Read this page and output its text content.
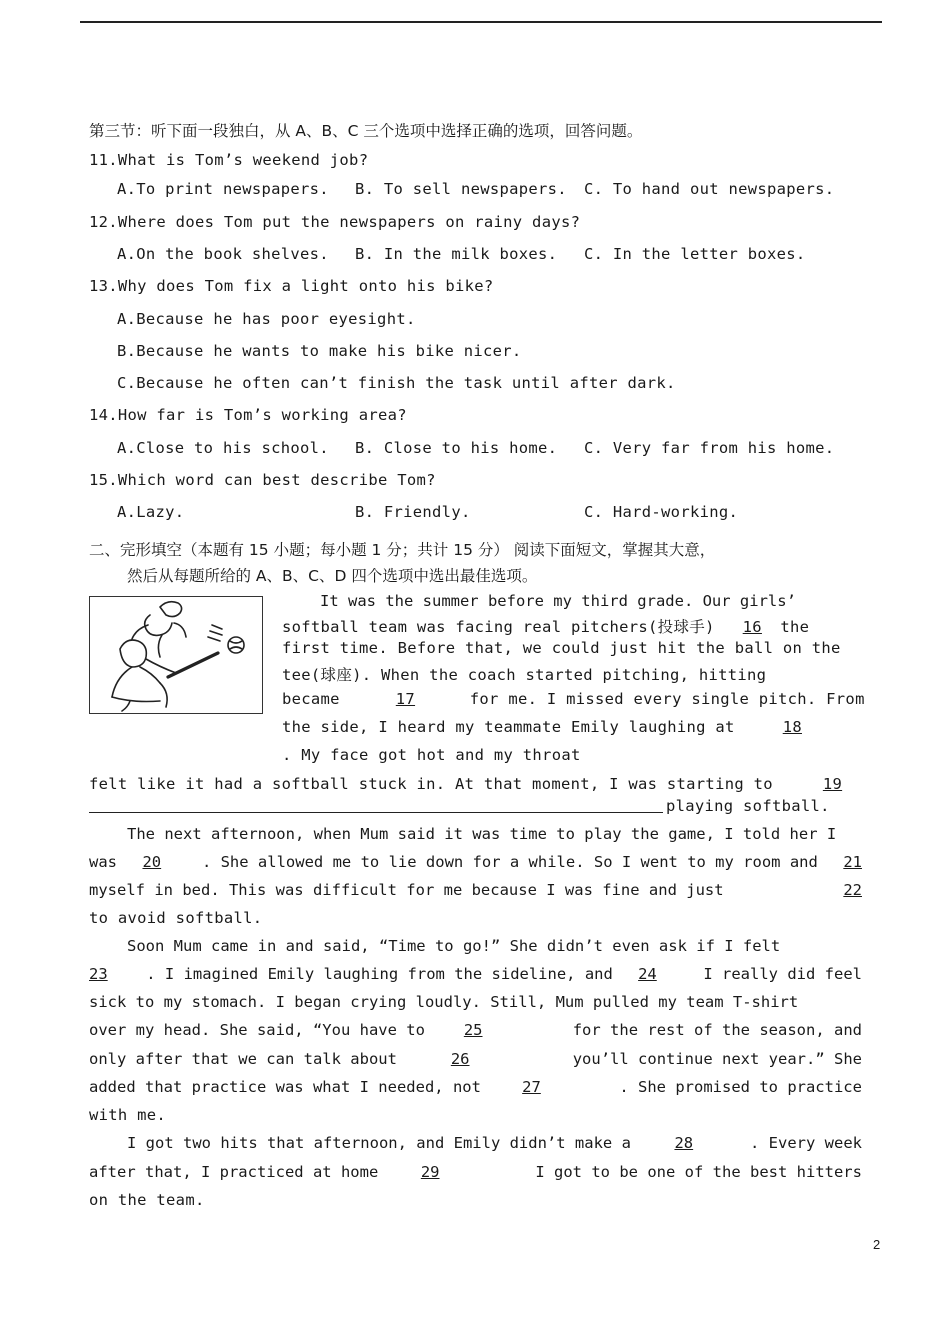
第三节：听下面一段独白，从 A、B、C 三个选项中选择正确的选项，回答问题。
11.What is Tom’s weekend job?
A.To print newspapers. B. To sell newspapers. C. To hand out newspapers.
12.Where does Tom put the newspapers on rainy days?
A.On the book shelves. B. In the milk boxes. C. In the letter boxes.
13.Why does Tom fix a light onto his bike?
A.Because he has poor eyesight.
B.Because he wants to make his bike nicer.
C.Because he often can’t finish the task until after dark.
14.How far is Tom’s working area?
A.Close to his school. B. Close to his home. C. Very far from his home.
15.Which word can best describe Tom?
A.Lazy.	B. Friendly.	C. Hard-working.
二、完形填空（本题有 15 小题；每小题 1 分；共计 15 分） 阅读下面短文，掌握其大意，
然后从每题所给的 A、B、C、D 四个选项中选出最佳选项。
It was the summer before my third grade. Our girls’
softball team was facing real pitchers(投球手) 16 the
first time. Before that, we could just hit the ball on the
tee(球座). When the coach started pitching, hitting
became	17	for me. I missed every single pitch. From
the side, I heard my teammate Emily laughing at	18
. My face got hot and my throat
felt like it had a softball stuck in. At that moment, I was starting to	19
playing softball.
The next afternoon, when Mum said it was time to play the game, I told her I
was 20	. She allowed me to lie down for a while. So I went to my room and 21
myself in bed. This was difficult for me because I was fine and just	22
to avoid softball.
Soon Mum came in and said, “Time to go!” She didn’t even ask if I felt
23	. I imagined Emily laughing from the sideline, and 24	I really did feel
sick to my stomach. I began crying loudly. Still, Mum pulled my team T-shirt
over my head. She said, “You have to	25	for the rest of the season, and
only after that we can talk about	26	you’ll continue next year.” She
added that practice was what I needed, not	27	. She promised to practice
with me.
I got two hits that afternoon, and Emily didn’t make a	28	. Every week
after that, I practiced at home	29	I got to be one of the best hitters
on the team.
2
